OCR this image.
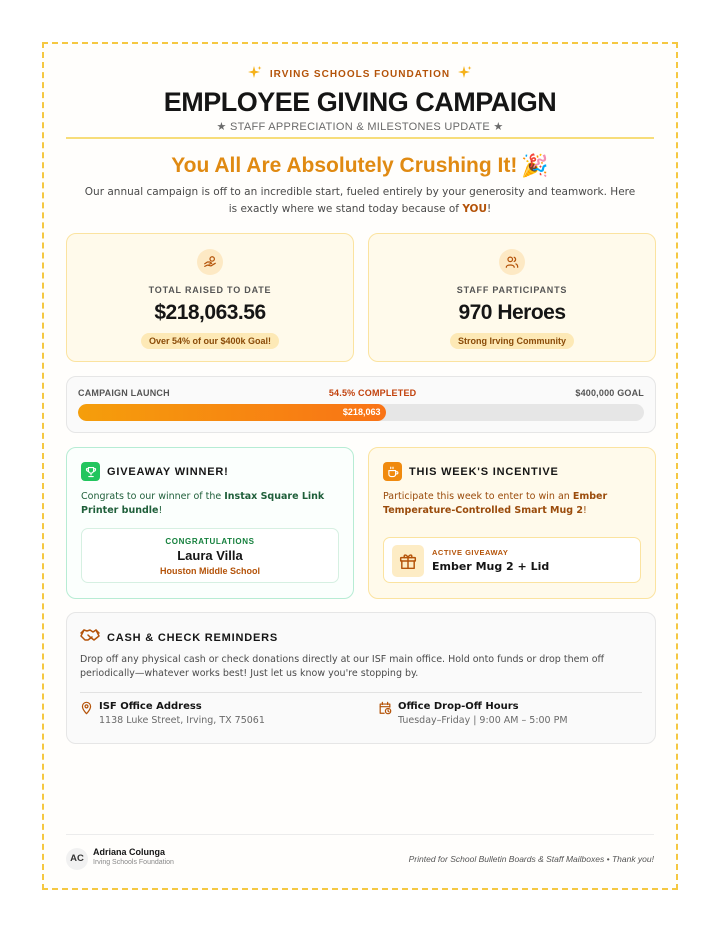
IRVING SCHOOLS FOUNDATION
EMPLOYEE GIVING CAMPAIGN
★ STAFF APPRECIATION & MILESTONES UPDATE ★
You All Are Absolutely Crushing It! 🎉
Our annual campaign is off to an incredible start, fueled entirely by your generosity and teamwork. Here is exactly where we stand today because of YOU!
TOTAL RAISED TO DATE
$218,063.56
Over 54% of our $400k Goal!
STAFF PARTICIPANTS
970 Heroes
Strong Irving Community
CAMPAIGN LAUNCH	54.5% COMPLETED	$400,000 GOAL
$218,063
GIVEAWAY WINNER!
Congrats to our winner of the Instax Square Link Printer bundle!
CONGRATULATIONS
Laura Villa
Houston Middle School
THIS WEEK'S INCENTIVE
Participate this week to enter to win an Ember Temperature-Controlled Smart Mug 2!
ACTIVE GIVEAWAY
Ember Mug 2 + Lid
CASH & CHECK REMINDERS
Drop off any physical cash or check donations directly at our ISF main office. Hold onto funds or drop them off periodically—whatever works best! Just let us know you're stopping by.
ISF Office Address
1138 Luke Street, Irving, TX 75061
Office Drop-Off Hours
Tuesday–Friday | 9:00 AM – 5:00 PM
AC
Adriana Colunga
Irving Schools Foundation	Printed for School Bulletin Boards & Staff Mailboxes • Thank you!
